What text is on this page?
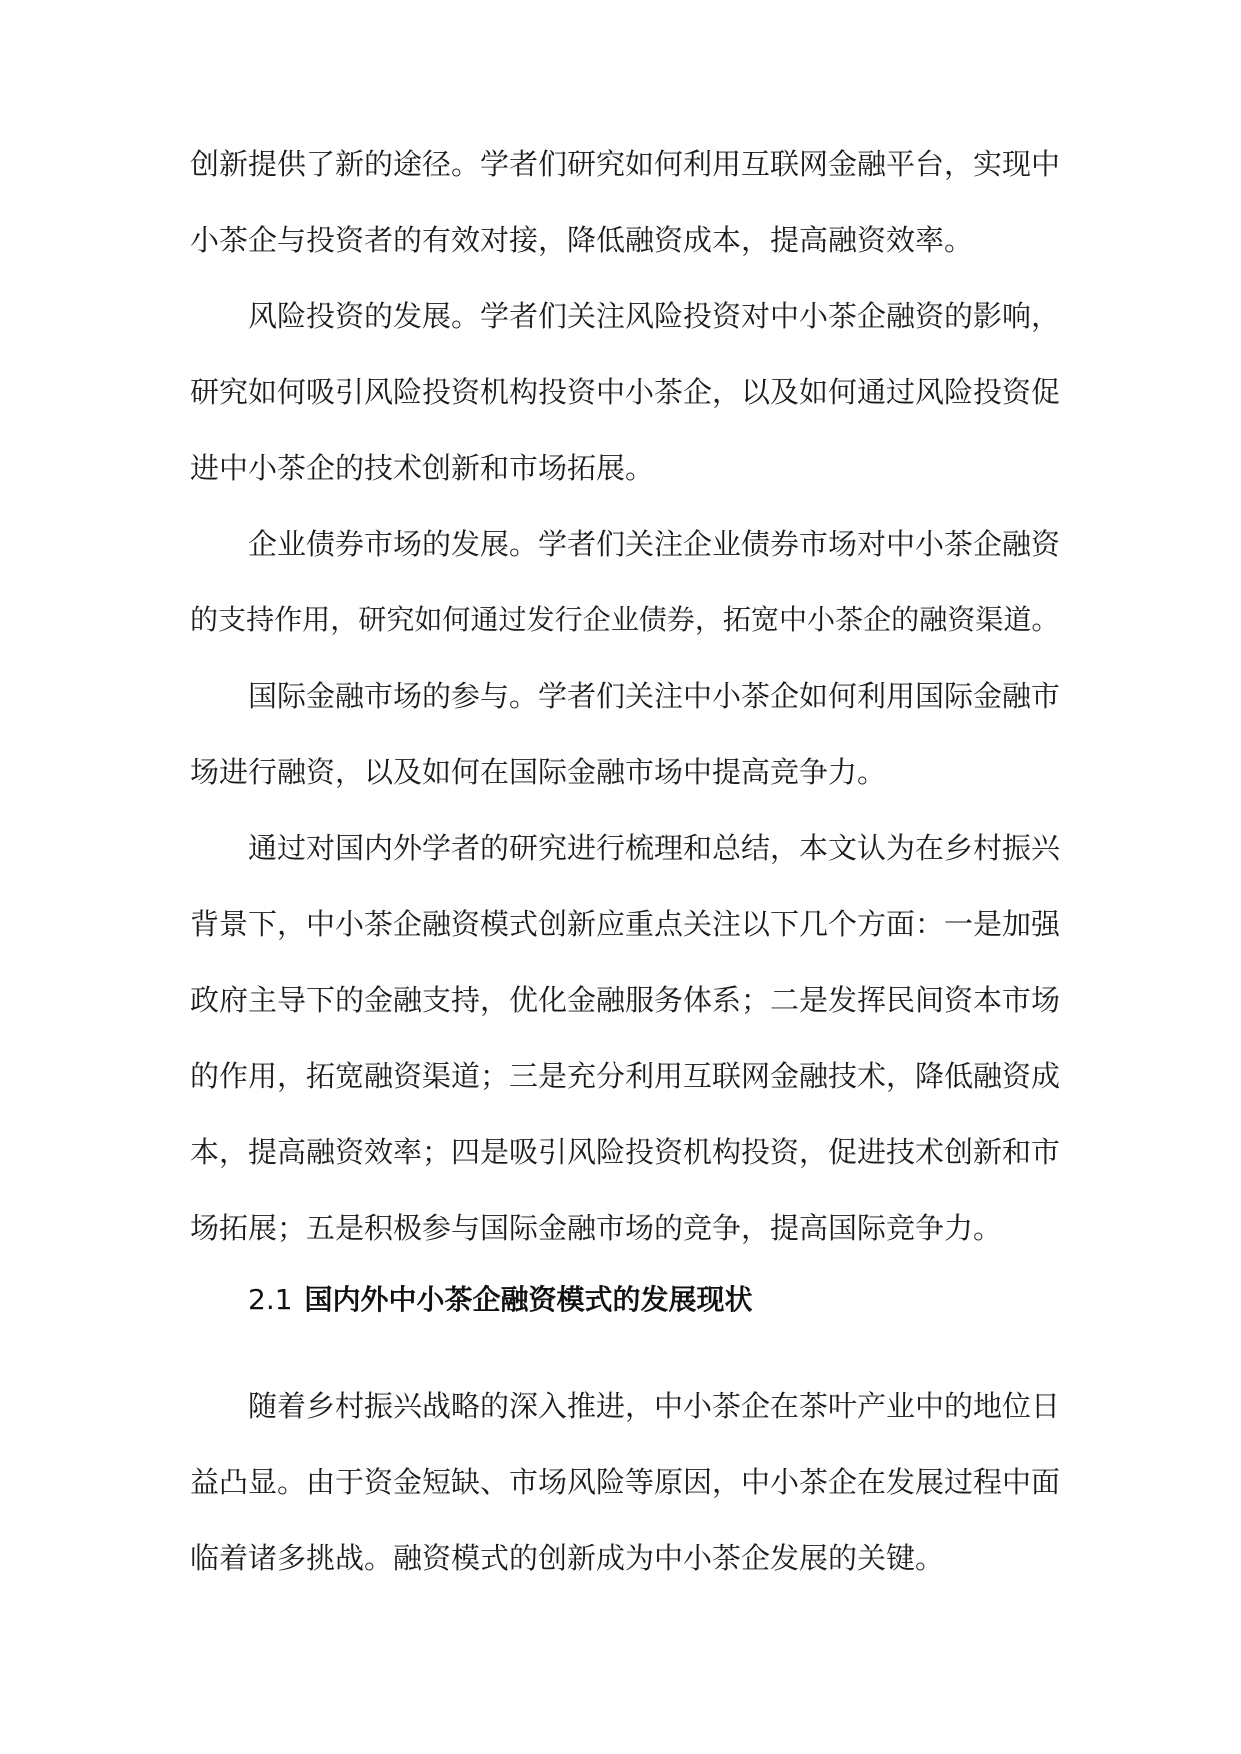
创新提供了新的途径。学者们研究如何利用互联网金融平台，实现中
小茶企与投资者的有效对接，降低融资成本，提高融资效率。
风险投资的发展。学者们关注风险投资对中小茶企融资的影响，
研究如何吸引风险投资机构投资中小茶企，以及如何通过风险投资促
进中小茶企的技术创新和市场拓展。
企业债券市场的发展。学者们关注企业债券市场对中小茶企融资
的支持作用，研究如何通过发行企业债券，拓宽中小茶企的融资渠道。
国际金融市场的参与。学者们关注中小茶企如何利用国际金融市
场进行融资，以及如何在国际金融市场中提高竞争力。
通过对国内外学者的研究进行梳理和总结，本文认为在乡村振兴
背景下，中小茶企融资模式创新应重点关注以下几个方面：一是加强
政府主导下的金融支持，优化金融服务体系；二是发挥民间资本市场
的作用，拓宽融资渠道；三是充分利用互联网金融技术，降低融资成
本，提高融资效率；四是吸引风险投资机构投资，促进技术创新和市
场拓展；五是积极参与国际金融市场的竞争，提高国际竞争力。
2.1 国内外中小茶企融资模式的发展现状
随着乡村振兴战略的深入推进，中小茶企在茶叶产业中的地位日
益凸显。由于资金短缺、市场风险等原因，中小茶企在发展过程中面
临着诸多挑战。融资模式的创新成为中小茶企发展的关键。
